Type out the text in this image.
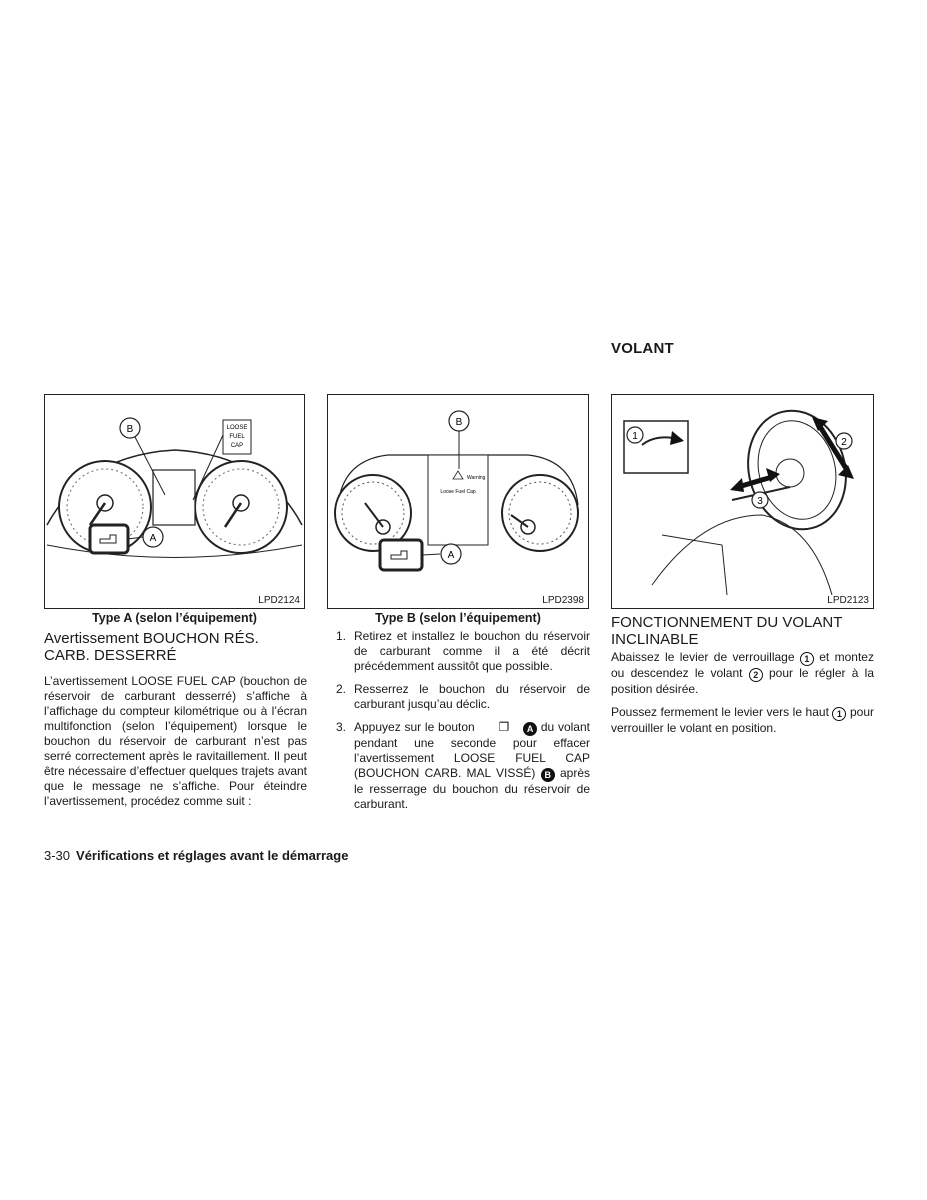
VOLANT
LOOSE
FUEL
CAP
B
A
LPD2124
Type A (selon l’équipement)
Warning
Loose Fuel Cap
B
A
LPD2398
Type B (selon l’équipement)
1
2
3
LPD2123
Avertissement BOUCHON RÉS. CARB. DESSERRÉ

L’avertissement LOOSE FUEL CAP (bouchon de réservoir de carburant desserré) s’affiche à l’affichage du compteur kilométrique ou à l’écran multifonction (selon l’équipement) lorsque le bouchon du réservoir de carburant n’est pas serré correctement après le ravitaillement. Il peut être nécessaire d’effectuer quelques trajets avant que le message ne s’affiche. Pour éteindre l’avertissement, procédez comme suit :

1. Retirez et installez le bouchon du réservoir de carburant comme il a été décrit précédemment aussitôt que possible.
2. Resserrez le bouchon du réservoir de carburant jusqu’au déclic.
3. Appuyez sur le bouton ❐ A du volant pendant une seconde pour effacer l’avertissement LOOSE FUEL CAP (BOUCHON CARB. MAL VISSÉ) B après le resserrage du bouchon du réservoir de carburant.
FONCTIONNEMENT DU VOLANT INCLINABLE

Abaissez le levier de verrouillage 1 et montez ou descendez le volant 2 pour le régler à la position désirée.

Poussez fermement le levier vers le haut 1 pour verrouiller le volant en position.

3-30 Vérifications et réglages avant le démarrage
